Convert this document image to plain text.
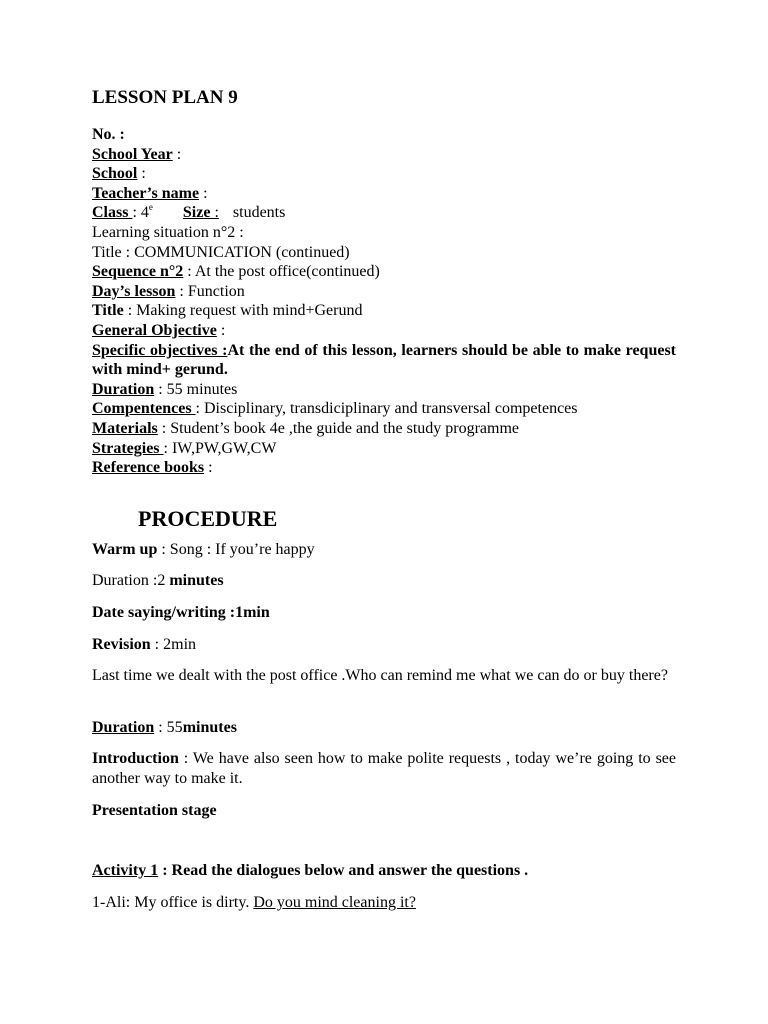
LESSON PLAN 9
No. :
School Year :
School :
Teacher’s name :
Class : 4e Size : students
Learning situation n°2 :
Title : COMMUNICATION (continued)
Sequence n°2 : At the post office(continued)
Day’s lesson : Function
Title : Making request with mind+Gerund
General Objective :
Specific objectives :At the end of this lesson, learners should be able to make request with mind+ gerund.
Duration : 55 minutes
Compentences : Disciplinary, transdiciplinary and transversal competences
Materials : Student’s book 4e ,the guide and the study programme
Strategies : IW,PW,GW,CW
Reference books :
PROCEDURE
Warm up : Song : If you’re happy
Duration :2 minutes
Date saying/writing :1min
Revision : 2min
Last time we dealt with the post office .Who can remind me what we can do or buy there?
Duration : 55minutes
Introduction : We have also seen how to make polite requests , today we’re going to see another way to make it.
Presentation stage
Activity 1 : Read the dialogues below and answer the questions .
1-Ali: My office is dirty. Do you mind cleaning it?
